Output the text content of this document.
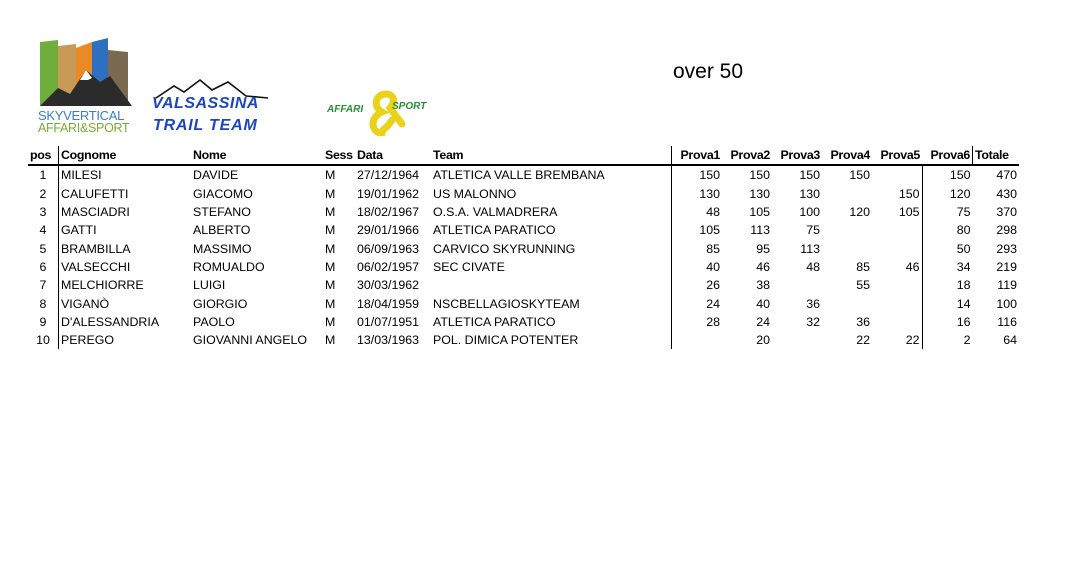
SKYVERTICAL
AFFARI&SPORT
VALSASSINA
TRAIL TEAM
AFFARI	SPORT
over 50
pos	Cognome	Nome	Sess	Data	Team	Prova1	Prova2	Prova3	Prova4	Prova5	Prova6	Totale
1	MILESI	DAVIDE	M	27/12/1964	ATLETICA VALLE BREMBANA	150	150	150	150		150	470
2	CALUFETTI	GIACOMO	M	19/01/1962	US MALONNO	130	130	130		150	120	430
3	MASCIADRI	STEFANO	M	18/02/1967	O.S.A. VALMADRERA	48	105	100	120	105	75	370
4	GATTI	ALBERTO	M	29/01/1966	ATLETICA PARATICO	105	113	75			80	298
5	BRAMBILLA	MASSIMO	M	06/09/1963	CARVICO SKYRUNNING	85	95	113			50	293
6	VALSECCHI	ROMUALDO	M	06/02/1957	SEC CIVATE	40	46	48	85	46	34	219
7	MELCHIORRE	LUIGI	M	30/03/1962		26	38		55		18	119
8	VIGANÒ	GIORGIO	M	18/04/1959	NSCBELLAGIOSKYTEAM	24	40	36			14	100
9	D'ALESSANDRIA	PAOLO	M	01/07/1951	ATLETICA PARATICO	28	24	32	36		16	116
10	PEREGO	GIOVANNI ANGELO	M	13/03/1963	POL. DIMICA POTENTER		20		22	22	2	64
